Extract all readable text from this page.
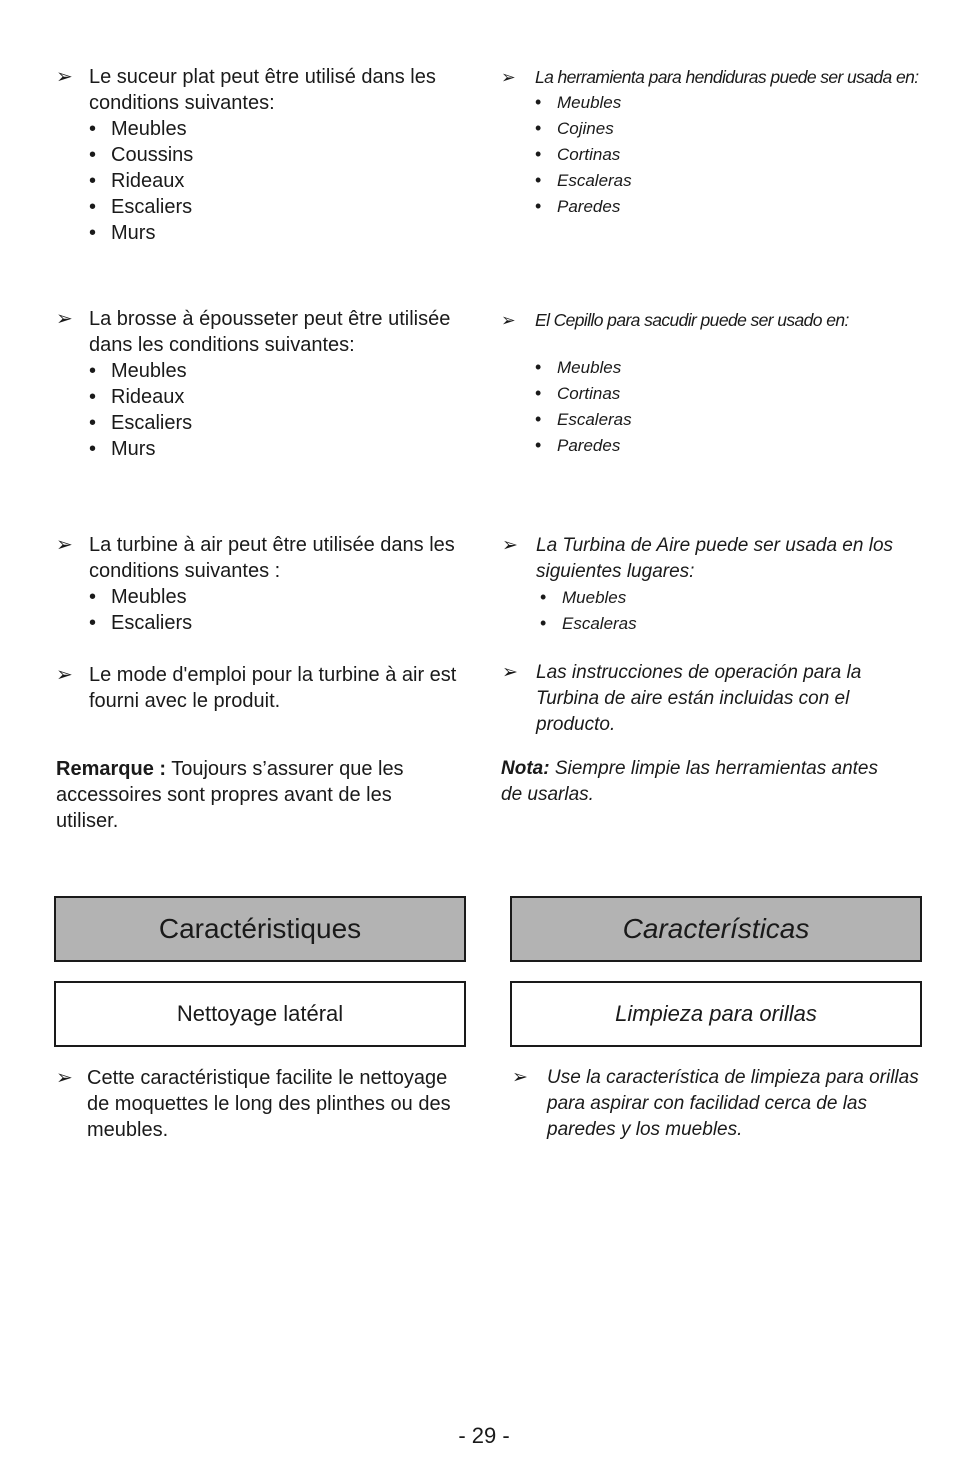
➢ Le suceur plat peut être utilisé dans les conditions suivantes:
• Meubles
• Coussins
• Rideaux
• Escaliers
• Murs
➢ La brosse à épousseter peut être utilisée dans les conditions suivantes:
• Meubles
• Rideaux
• Escaliers
• Murs
➢ La turbine à air peut être utilisée dans les conditions suivantes :
• Meubles
• Escaliers
➢ Le mode d'emploi pour la turbine à air est fourni avec le produit.
Remarque : Toujours s’assurer que les accessoires sont propres avant de les utiliser.
➢ La herramienta para hendiduras puede ser usada en:
• Meubles
• Cojines
• Cortinas
• Escaleras
• Paredes
➢ El Cepillo para sacudir puede ser usado en:
• Meubles
• Cortinas
• Escaleras
• Paredes
➢ La Turbina de Aire puede ser usada en los siguientes lugares:
• Muebles
• Escaleras
➢ Las instrucciones de operación para la Turbina de aire están incluidas con el producto.
Nota: Siempre limpie las herramientas antes de usarlas.
Caractéristiques	Características
Nettoyage latéral	Limpieza para orillas
➢ Cette caractéristique facilite le nettoyage de moquettes le long des plinthes ou des meubles.
➢ Use la característica de limpieza para orillas para aspirar con facilidad cerca de las paredes y los muebles.
- 29 -
